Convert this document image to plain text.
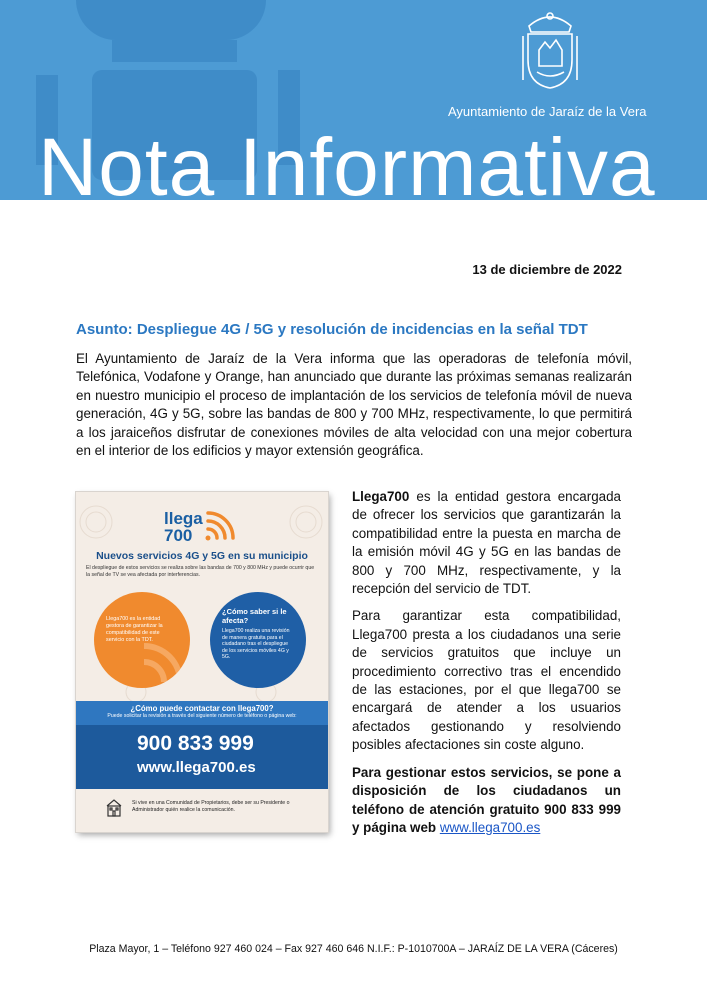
Ayuntamiento de Jaraíz de la Vera
Nota Informativa
13 de diciembre de 2022
Asunto: Despliegue 4G / 5G y resolución de incidencias en la señal TDT

El Ayuntamiento de Jaraíz de la Vera informa que las operadoras de telefonía móvil, Telefónica, Vodafone y Orange, han anunciado que durante las próximas semanas realizarán en nuestro municipio el proceso de implantación de los servicios de telefonía móvil de nueva generación, 4G y 5G, sobre las bandas de 800 y 700 MHz, respectivamente, lo que permitirá a los jaraiceños disfrutar de conexiones móviles de alta velocidad con una mejor cobertura en el interior de los edificios y mayor extensión geográfica.

llega
700
Nuevos servicios 4G y 5G en su municipio
El despliegue de estos servicios se realiza sobre las bandas de 700 y 800 MHz y puede ocurrir que la señal de TV se vea afectada por interferencias.
Llega700 es la entidad gestora de garantizar la compatibilidad de este servicio con la TDT.
¿Cómo saber si le afecta?
Llega700 realiza una revisión de manera gratuita para el ciudadano tras el despliegue de los servicios móviles 4G y 5G.
¿Cómo puede contactar con llega700?
Puede solicitar la revisión a través del siguiente número de teléfono o página web:
900 833 999
www.llega700.es
Si vive en una Comunidad de Propietarios, debe ser su Presidente o Administrador quién realice la comunicación.

Llega700 es la entidad gestora encargada de ofrecer los servicios que garantizarán la compatibilidad entre la puesta en marcha de la emisión móvil 4G y 5G en las bandas de 800 y 700 MHz, respectivamente, y la recepción del servicio de TDT.

Para garantizar esta compatibilidad, Llega700 presta a los ciudadanos una serie de servicios gratuitos que incluye un procedimiento correctivo tras el encendido de las estaciones, por el que llega700 se encargará de atender a los usuarios afectados gestionando y resolviendo posibles afectaciones sin coste alguno.

Para gestionar estos servicios, se pone a disposición de los ciudadanos un teléfono de atención gratuito 900 833 999 y página web www.llega700.es

Plaza Mayor, 1 – Teléfono 927 460 024 – Fax 927 460 646 N.I.F.: P-1010700A – JARAÍZ DE LA VERA (Cáceres)
